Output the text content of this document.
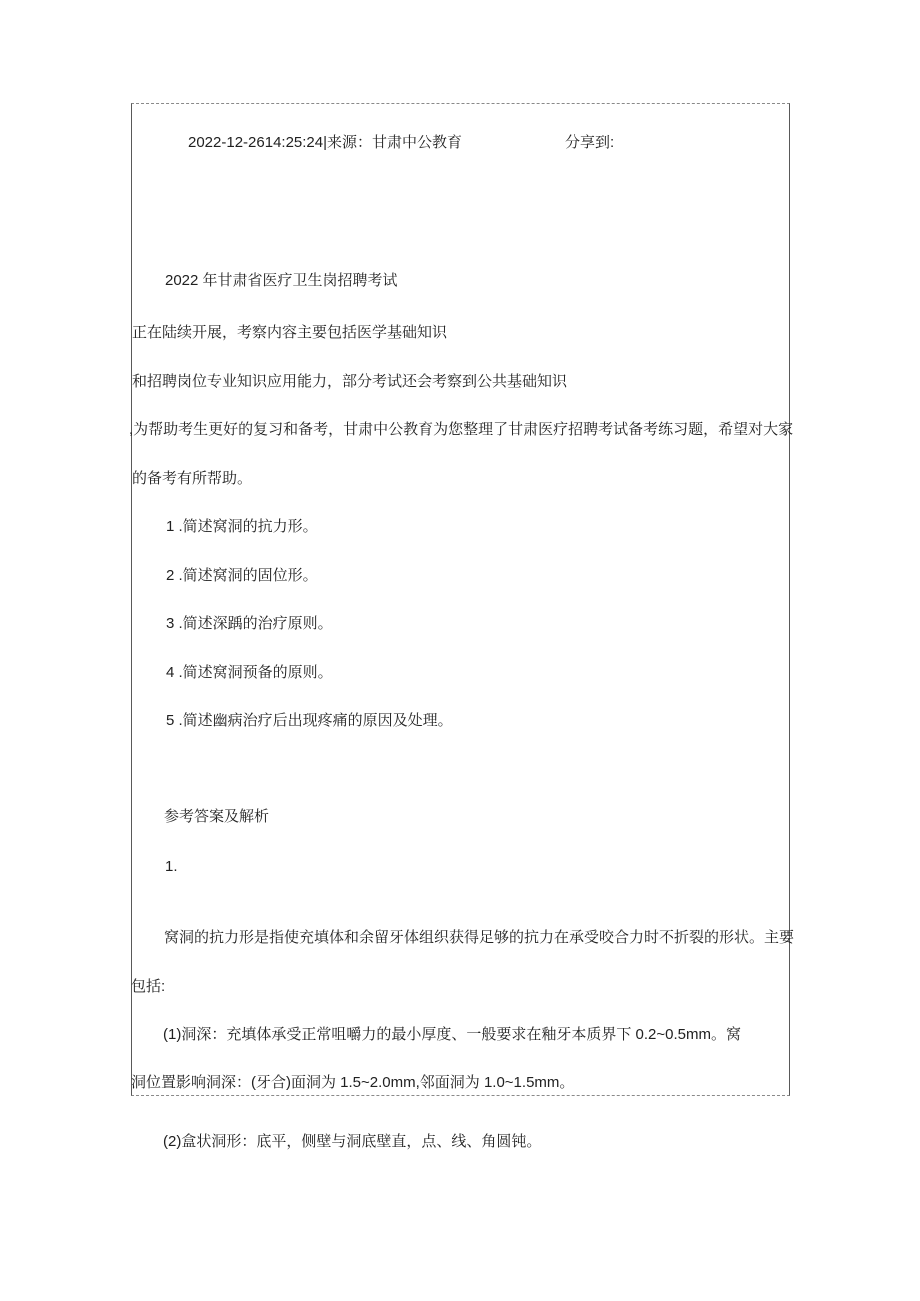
2022-12-2614:25:24|来源：甘肃中公教育	分享到:
2022 年甘肃省医疗卫生岗招聘考试
正在陆续开展，考察内容主要包括医学基础知识
和招聘岗位专业知识应用能力，部分考试还会考察到公共基础知识
,为帮助考生更好的复习和备考，甘肃中公教育为您整理了甘肃医疗招聘考试备考练习题，希望对大家
的备考有所帮助。
1 .简述窝洞的抗力形。
2 .简述窝洞的固位形。
3 .简述深踽的治疗原则。
4 .简述窝洞预备的原则。
5 .简述幽病治疗后出现疼痛的原因及处理。
参考答案及解析
1.
窝洞的抗力形是指使充填体和余留牙体组织获得足够的抗力在承受咬合力时不折裂的形状。主要
包括:
(1)洞深：充填体承受正常咀嚼力的最小厚度、一般要求在釉牙本质界下 0.2~0.5mm。窝
洞位置影响洞深：(牙合)面洞为 1.5~2.0mm,邻面洞为 1.0~1.5mm。
(2)盒状洞形：底平，侧壁与洞底壁直，点、线、角圆钝。
